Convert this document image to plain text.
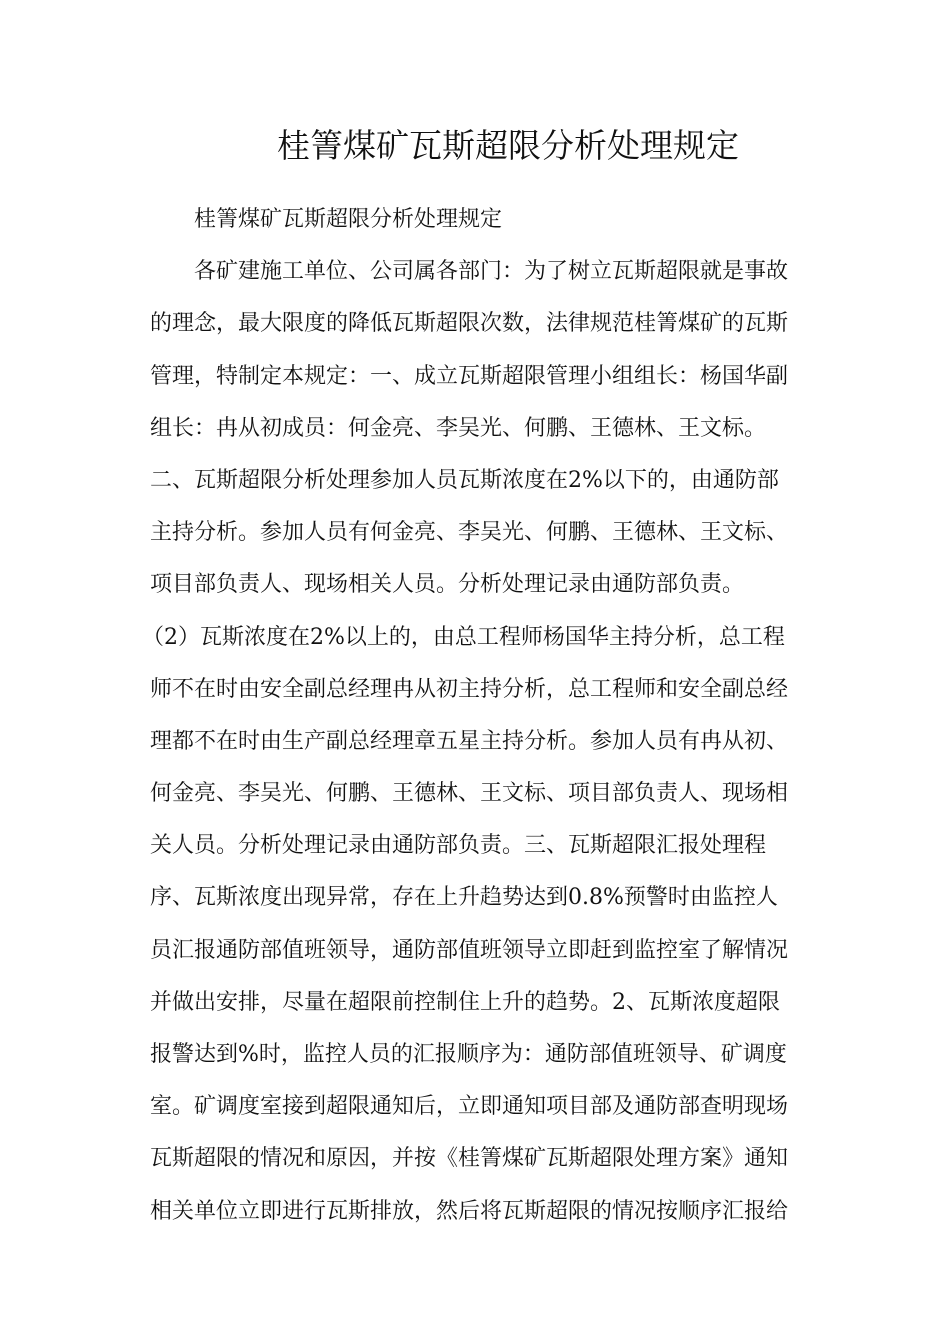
桂箐煤矿瓦斯超限分析处理规定
桂箐煤矿瓦斯超限分析处理规定
各矿建施工单位、公司属各部门：为了树立瓦斯超限就是事故
的理念，最大限度的降低瓦斯超限次数，法律规范桂箐煤矿的瓦斯
管理，特制定本规定：一、成立瓦斯超限管理小组组长：杨国华副
组长：冉从初成员：何金亮、李吴光、何鹏、王德林、王文标。
二、瓦斯超限分析处理参加人员瓦斯浓度在2%以下的，由通防部
主持分析。参加人员有何金亮、李吴光、何鹏、王德林、王文标、
项目部负责人、现场相关人员。分析处理记录由通防部负责。
（2）瓦斯浓度在2%以上的，由总工程师杨国华主持分析，总工程
师不在时由安全副总经理冉从初主持分析，总工程师和安全副总经
理都不在时由生产副总经理章五星主持分析。参加人员有冉从初、
何金亮、李吴光、何鹏、王德林、王文标、项目部负责人、现场相
关人员。分析处理记录由通防部负责。三、瓦斯超限汇报处理程
序、瓦斯浓度出现异常，存在上升趋势达到0.8%预警时由监控人
员汇报通防部值班领导，通防部值班领导立即赶到监控室了解情况
并做出安排，尽量在超限前控制住上升的趋势。2、瓦斯浓度超限
报警达到%时，监控人员的汇报顺序为：通防部值班领导、矿调度
室。矿调度室接到超限通知后，立即通知项目部及通防部查明现场
瓦斯超限的情况和原因，并按《桂箐煤矿瓦斯超限处理方案》通知
相关单位立即进行瓦斯排放，然后将瓦斯超限的情况按顺序汇报给
